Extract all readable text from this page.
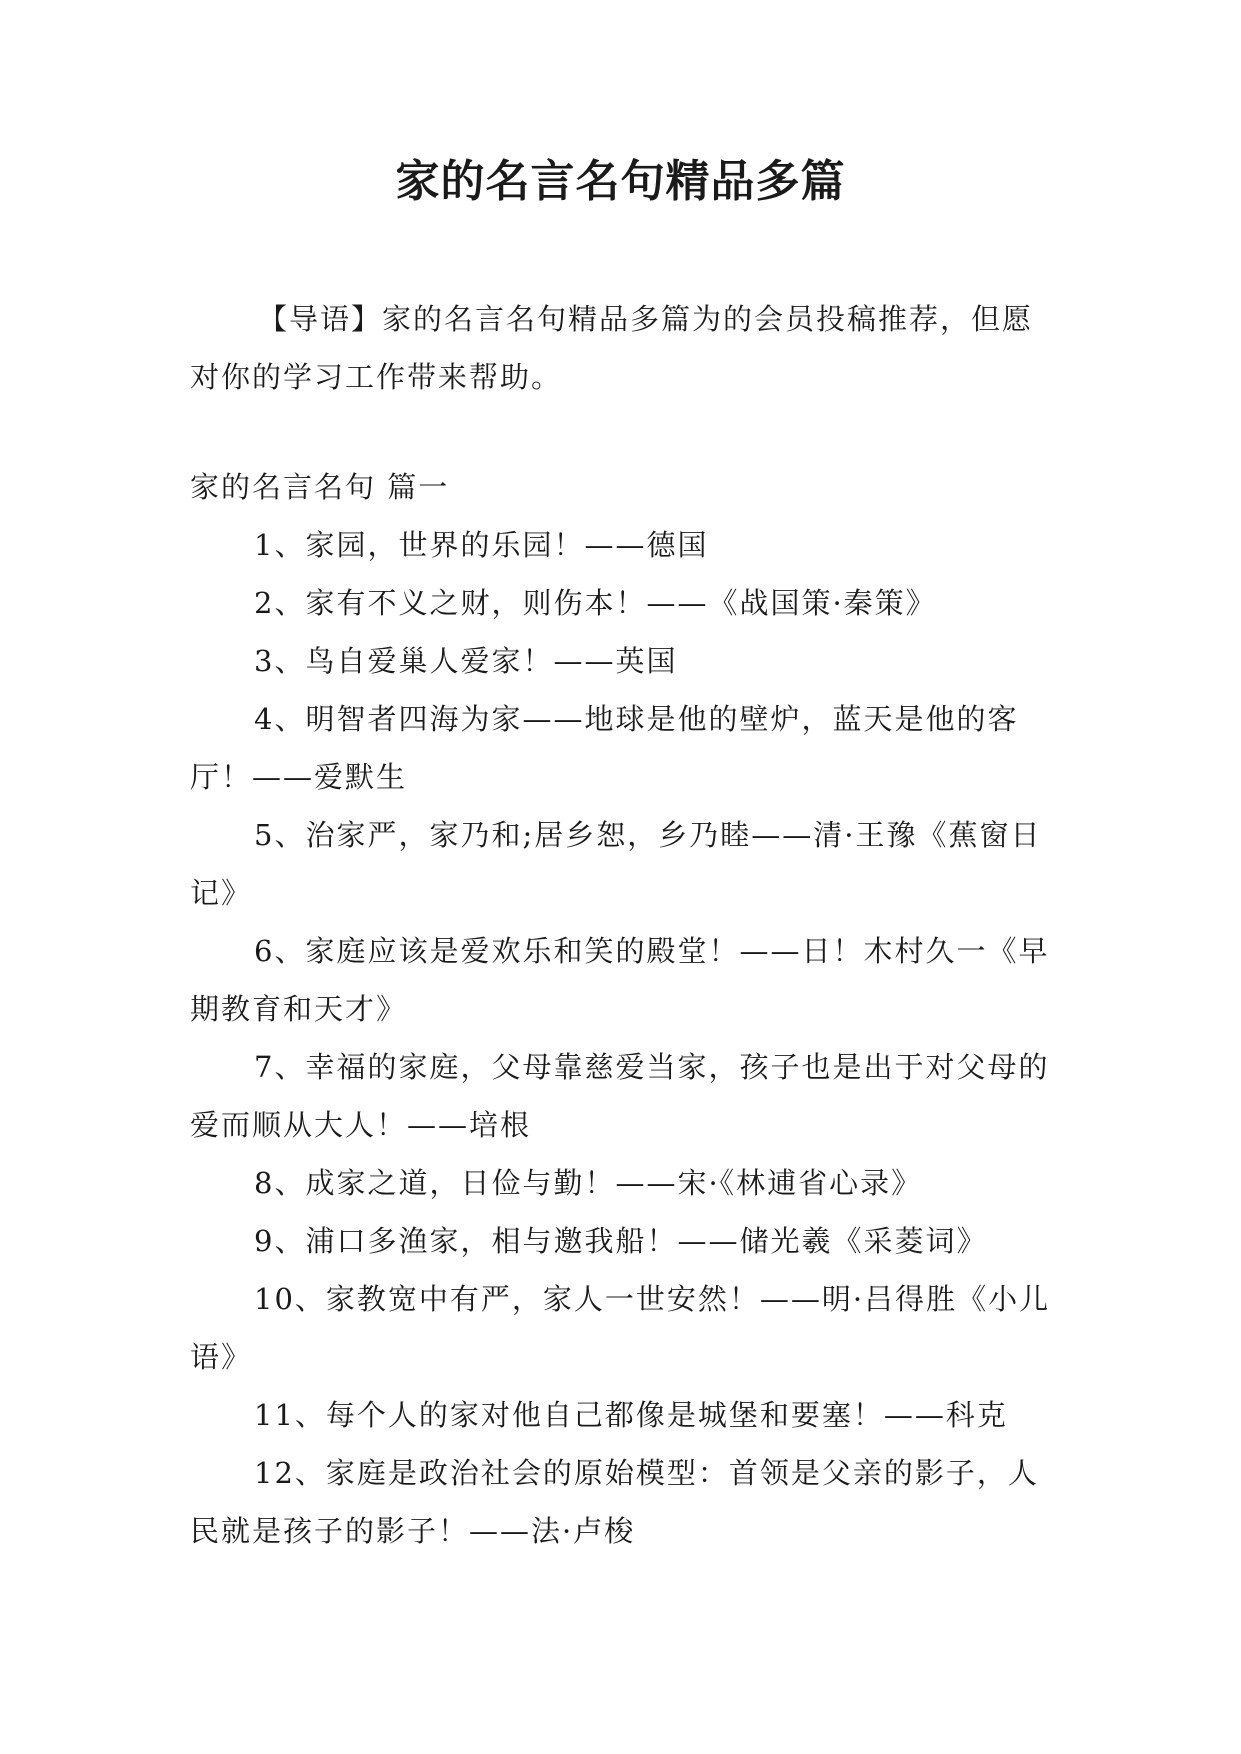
家的名言名句精品多篇

【导语】家的名言名句精品多篇为的会员投稿推荐，但愿对你的学习工作带来帮助。

家的名言名句 篇一
1、家园，世界的乐园！——德国
2、家有不义之财，则伤本！——《战国策·秦策》
3、鸟自爱巢人爱家！——英国
4、明智者四海为家——地球是他的壁炉，蓝天是他的客厅！——爱默生
5、治家严，家乃和;居乡恕，乡乃睦——清·王豫《蕉窗日记》
6、家庭应该是爱欢乐和笑的殿堂！——日！木村久一《早期教育和天才》
7、幸福的家庭，父母靠慈爱当家，孩子也是出于对父母的爱而顺从大人！——培根
8、成家之道，日俭与勤！——宋·《林逋省心录》
9、浦口多渔家，相与邀我船！——储光羲《采菱词》
10、家教宽中有严，家人一世安然！——明·吕得胜《小儿语》
11、每个人的家对他自己都像是城堡和要塞！——科克
12、家庭是政治社会的原始模型：首领是父亲的影子，人民就是孩子的影子！——法·卢梭
